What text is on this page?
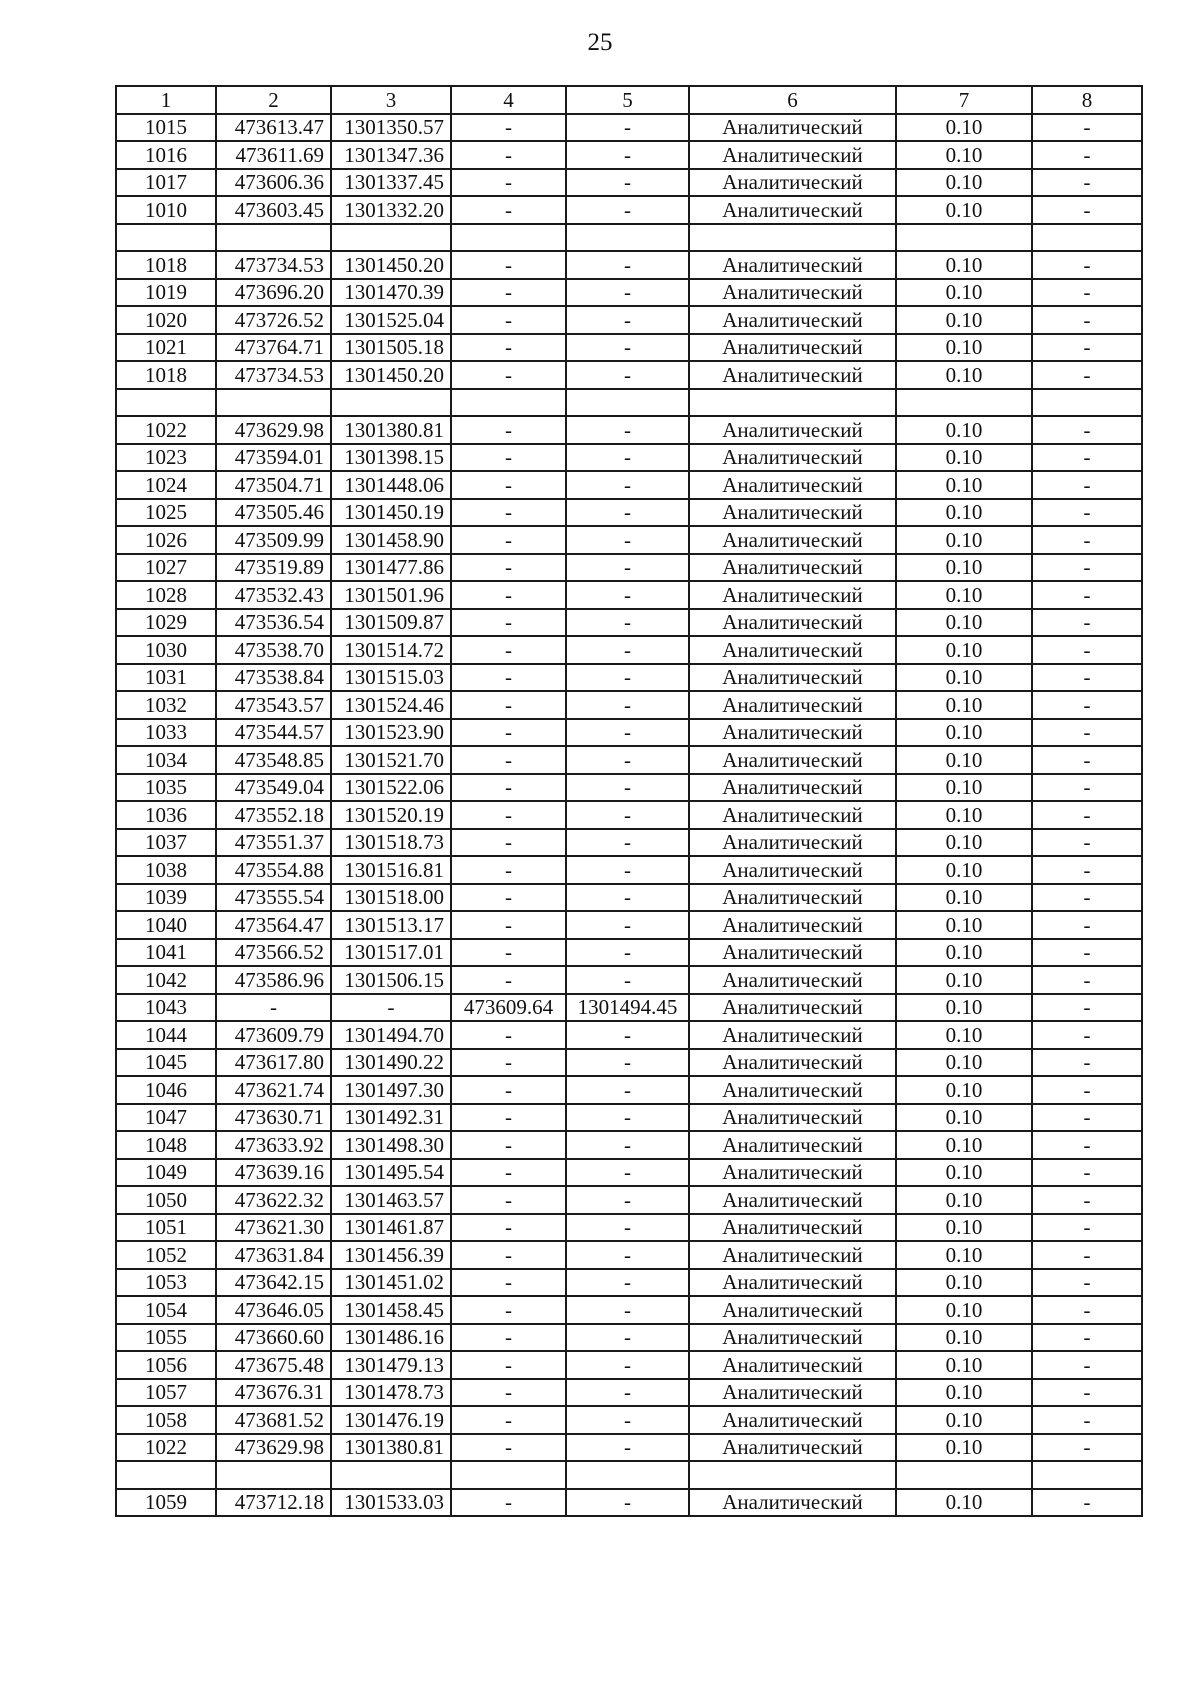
25
1	2	3	4	5	6	7	8
1015	473613.47	1301350.57	-	-	Аналитический	0.10	-
1016	473611.69	1301347.36	-	-	Аналитический	0.10	-
1017	473606.36	1301337.45	-	-	Аналитический	0.10	-
1010	473603.45	1301332.20	-	-	Аналитический	0.10	-

1018	473734.53	1301450.20	-	-	Аналитический	0.10	-
1019	473696.20	1301470.39	-	-	Аналитический	0.10	-
1020	473726.52	1301525.04	-	-	Аналитический	0.10	-
1021	473764.71	1301505.18	-	-	Аналитический	0.10	-
1018	473734.53	1301450.20	-	-	Аналитический	0.10	-

1022	473629.98	1301380.81	-	-	Аналитический	0.10	-
1023	473594.01	1301398.15	-	-	Аналитический	0.10	-
1024	473504.71	1301448.06	-	-	Аналитический	0.10	-
1025	473505.46	1301450.19	-	-	Аналитический	0.10	-
1026	473509.99	1301458.90	-	-	Аналитический	0.10	-
1027	473519.89	1301477.86	-	-	Аналитический	0.10	-
1028	473532.43	1301501.96	-	-	Аналитический	0.10	-
1029	473536.54	1301509.87	-	-	Аналитический	0.10	-
1030	473538.70	1301514.72	-	-	Аналитический	0.10	-
1031	473538.84	1301515.03	-	-	Аналитический	0.10	-
1032	473543.57	1301524.46	-	-	Аналитический	0.10	-
1033	473544.57	1301523.90	-	-	Аналитический	0.10	-
1034	473548.85	1301521.70	-	-	Аналитический	0.10	-
1035	473549.04	1301522.06	-	-	Аналитический	0.10	-
1036	473552.18	1301520.19	-	-	Аналитический	0.10	-
1037	473551.37	1301518.73	-	-	Аналитический	0.10	-
1038	473554.88	1301516.81	-	-	Аналитический	0.10	-
1039	473555.54	1301518.00	-	-	Аналитический	0.10	-
1040	473564.47	1301513.17	-	-	Аналитический	0.10	-
1041	473566.52	1301517.01	-	-	Аналитический	0.10	-
1042	473586.96	1301506.15	-	-	Аналитический	0.10	-
1043	-	-	473609.64	1301494.45	Аналитический	0.10	-
1044	473609.79	1301494.70	-	-	Аналитический	0.10	-
1045	473617.80	1301490.22	-	-	Аналитический	0.10	-
1046	473621.74	1301497.30	-	-	Аналитический	0.10	-
1047	473630.71	1301492.31	-	-	Аналитический	0.10	-
1048	473633.92	1301498.30	-	-	Аналитический	0.10	-
1049	473639.16	1301495.54	-	-	Аналитический	0.10	-
1050	473622.32	1301463.57	-	-	Аналитический	0.10	-
1051	473621.30	1301461.87	-	-	Аналитический	0.10	-
1052	473631.84	1301456.39	-	-	Аналитический	0.10	-
1053	473642.15	1301451.02	-	-	Аналитический	0.10	-
1054	473646.05	1301458.45	-	-	Аналитический	0.10	-
1055	473660.60	1301486.16	-	-	Аналитический	0.10	-
1056	473675.48	1301479.13	-	-	Аналитический	0.10	-
1057	473676.31	1301478.73	-	-	Аналитический	0.10	-
1058	473681.52	1301476.19	-	-	Аналитический	0.10	-
1022	473629.98	1301380.81	-	-	Аналитический	0.10	-

1059	473712.18	1301533.03	-	-	Аналитический	0.10	-
